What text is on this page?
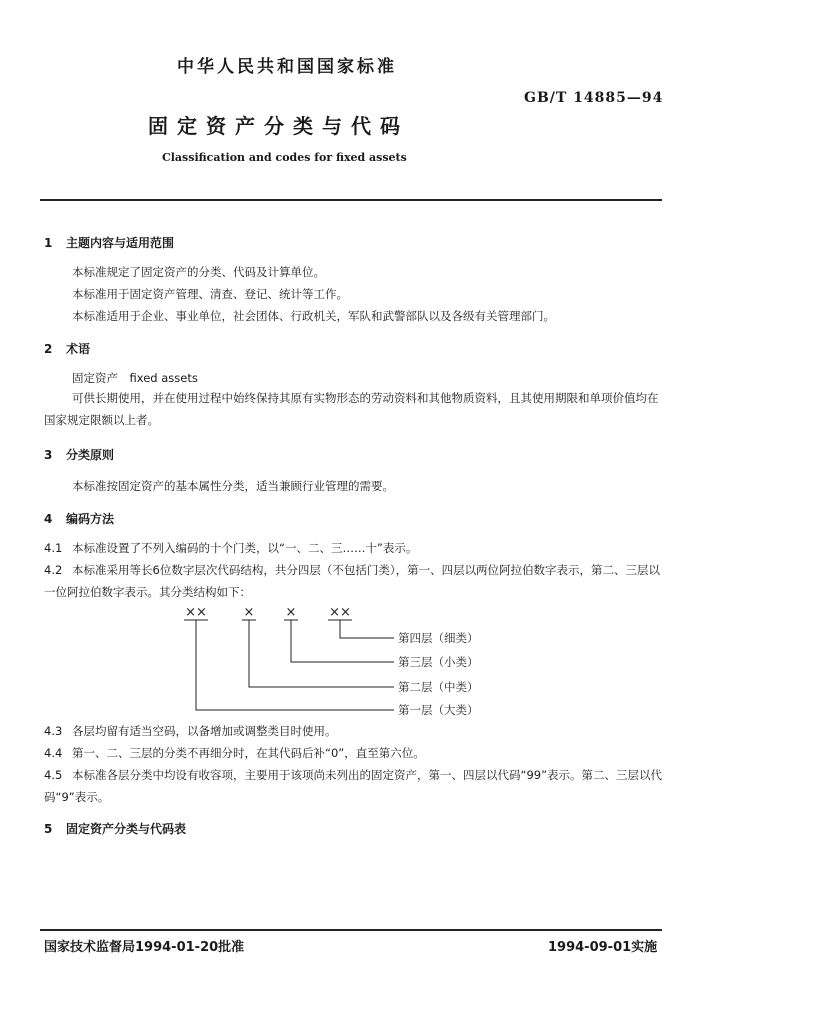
中华人民共和国国家标准
GB/T 14885—94
固定资产分类与代码
Classification and codes for fixed assets
1 主题内容与适用范围
本标准规定了固定资产的分类、代码及计算单位。
本标准用于固定资产管理、清查、登记、统计等工作。
本标准适用于企业、事业单位，社会团体、行政机关，军队和武警部队以及各级有关管理部门。
2 术语
固定资产　fixed assets
可供长期使用，并在使用过程中始终保持其原有实物形态的劳动资料和其他物质资料，且其使用期限和单项价值均在国家规定限额以上者。
3 分类原则
本标准按固定资产的基本属性分类，适当兼顾行业管理的需要。
4 编码方法
4.1 本标准设置了不列入编码的十个门类，以“一、二、三……十”表示。
4.2 本标准采用等长6位数字层次代码结构，共分四层（不包括门类），第一、四层以两位阿拉伯数字表示，第二、三层以一位阿拉伯数字表示。其分类结构如下：
××	× ×	××
第四层（细类）
第三层（小类）
第二层（中类）
第一层（大类）
4.3 各层均留有适当空码，以备增加或调整类目时使用。
4.4 第一、二、三层的分类不再细分时，在其代码后补“0”，直至第六位。
4.5 本标准各层分类中均设有收容项，主要用于该项尚未列出的固定资产，第一、四层以代码“99”表示。第二、三层以代码“9”表示。
5 固定资产分类与代码表
国家技术监督局1994-01-20批准	1994-09-01实施
